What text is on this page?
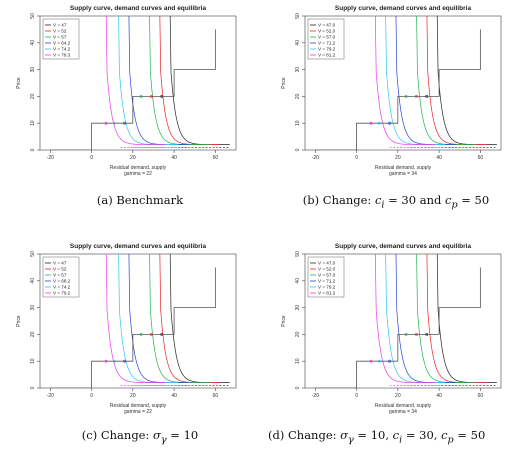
Supply curve, demand curves and equilibria
-20	0	20	40	60
0
10
20
30
40
50
Residual demand, supply
gamma = 22
Price
V = 47
V = 52
V = 57
V = 64.2
V = 74.2
V = 79.3
(a) Benchmark
Supply curve, demand curves and equilibria
-20	0	20	40	60
0
10
20
30
40
50
Residual demand, supply
gamma = 34
Price
V = 47.0
V = 52.0
V = 57.0
V = 71.2
V = 79.2
V = 81.2
(b) Change: $c_i = 30$ and $c_p = 50$
Supply curve, demand curves and equilibria
-20	0	20	40	60
0
10
20
30
40
50
Residual demand, supply
gamma = 22
Price
V = 47
V = 52
V = 57
V = 68.2
V = 74.2
V = 79.2
(c) Change: $\sigma_\gamma = 10$
Supply curve, demand curves and equilibria
-20	0	20	40	60
0
10
20
30
40
50
Residual demand, supply
gamma = 34
Price
V = 47.0
V = 52.0
V = 57.0
V = 71.2
V = 79.2
V = 81.2
(d) Change: $\sigma_\gamma = 10$, $c_i = 30$, $c_p = 50$
